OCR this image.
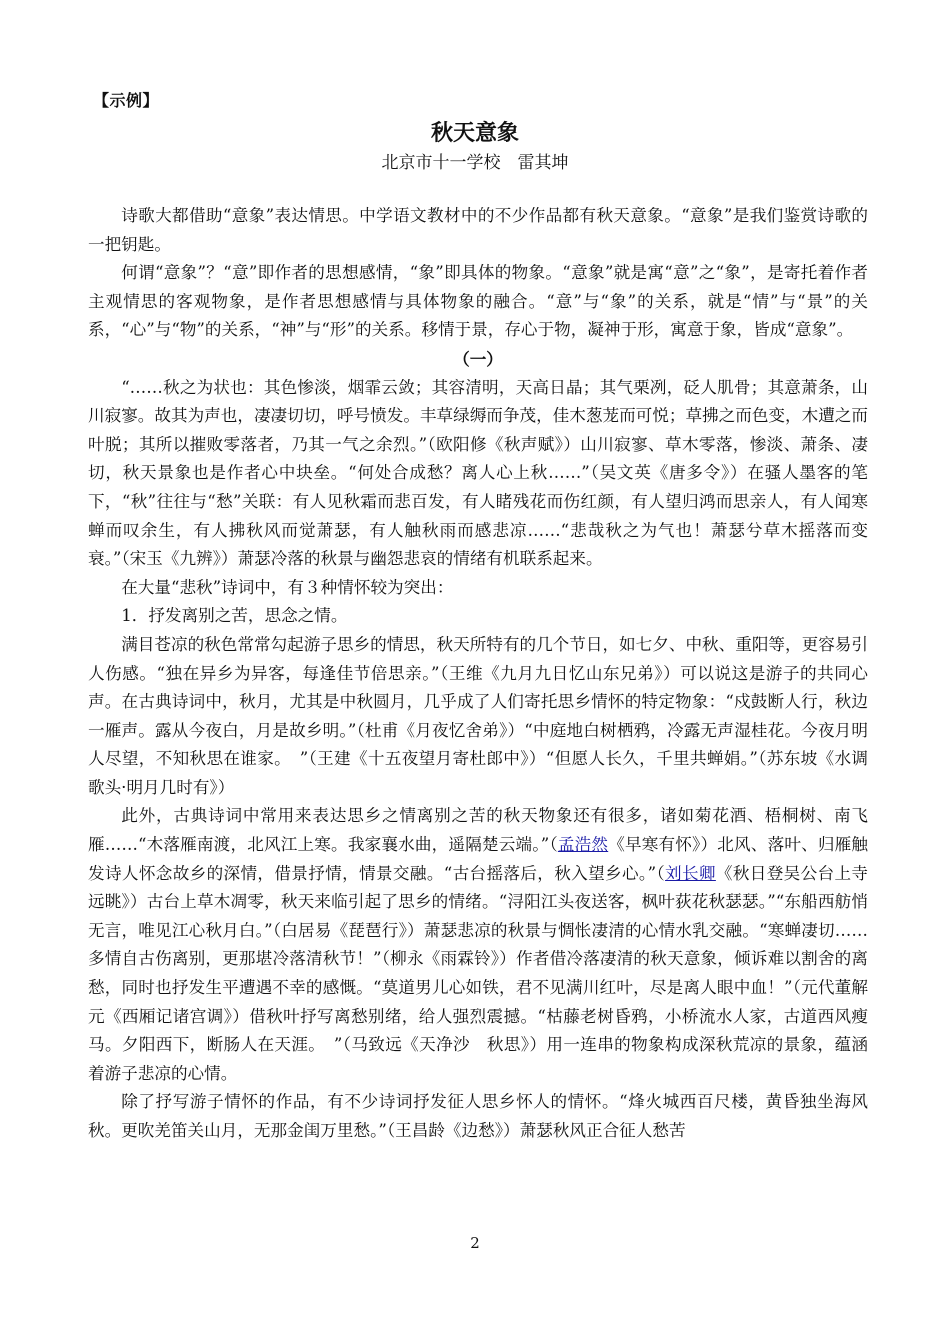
【示例】
秋天意象
北京市十一学校　雷其坤

诗歌大都借助“意象”表达情思。中学语文教材中的不少作品都有秋天意象。“意象”是我们鉴赏诗歌的一把钥匙。

何谓“意象”？“意”即作者的思想感情，“象”即具体的物象。“意象”就是寓“意”之“象”，是寄托着作者主观情思的客观物象，是作者思想感情与具体物象的融合。“意”与“象”的关系，就是“情”与“景”的关系，“心”与“物”的关系，“神”与“形”的关系。移情于景，存心于物，凝神于形，寓意于象，皆成“意象”。

（一）

“……秋之为状也：其色惨淡，烟霏云敛；其容清明，天高日晶；其气栗冽，砭人肌骨；其意萧条，山川寂寥。故其为声也，凄凄切切，呼号愤发。丰草绿缛而争茂，佳木葱茏而可悦；草拂之而色变，木遭之而叶脱；其所以摧败零落者，乃其一气之余烈。”（欧阳修《秋声赋》）山川寂寥、草木零落，惨淡、萧条、凄切，秋天景象也是作者心中块垒。“何处合成愁？离人心上秋……”（吴文英《唐多令》）在骚人墨客的笔下，“秋”往往与“愁”关联：有人见秋霜而悲百发，有人睹残花而伤红颜，有人望归鸿而思亲人，有人闻寒蝉而叹余生，有人拂秋风而觉萧瑟，有人触秋雨而感悲凉……“悲哉秋之为气也！萧瑟兮草木摇落而变衰。”（宋玉《九辨》）萧瑟冷落的秋景与幽怨悲哀的情绪有机联系起来。

在大量“悲秋”诗词中，有３种情怀较为突出：

1．抒发离别之苦，思念之情。

满目苍凉的秋色常常勾起游子思乡的情思，秋天所特有的几个节日，如七夕、中秋、重阳等，更容易引人伤感。“独在异乡为异客，每逢佳节倍思亲。”（王维《九月九日忆山东兄弟》）可以说这是游子的共同心声。在古典诗词中，秋月，尤其是中秋圆月，几乎成了人们寄托思乡情怀的特定物象：“戍鼓断人行，秋边一雁声。露从今夜白，月是故乡明。”（杜甫《月夜忆舍弟》）“中庭地白树栖鸦，冷露无声湿桂花。今夜月明人尽望，不知秋思在谁家。　”（王建《十五夜望月寄杜郎中》）“但愿人长久，千里共蝉娟。”（苏东坡《水调歌头·明月几时有》）

此外，古典诗词中常用来表达思乡之情离别之苦的秋天物象还有很多，诸如菊花酒、梧桐树、南飞雁……“木落雁南渡，北风江上寒。我家襄水曲，遥隔楚云端。”（孟浩然《早寒有怀》）北风、落叶、归雁触发诗人怀念故乡的深情，借景抒情，情景交融。“古台摇落后，秋入望乡心。”（刘长卿《秋日登吴公台上寺远眺》）古台上草木凋零，秋天来临引起了思乡的情绪。“浔阳江头夜送客，枫叶荻花秋瑟瑟。”“东船西舫悄无言，唯见江心秋月白。”（白居易《琵琶行》）萧瑟悲凉的秋景与惆怅凄清的心情水乳交融。“寒蝉凄切……多情自古伤离别，更那堪冷落清秋节！”（柳永《雨霖铃》）作者借冷落凄清的秋天意象，倾诉难以割舍的离愁，同时也抒发生平遭遇不幸的感慨。“莫道男儿心如铁，君不见满川红叶，尽是离人眼中血！”（元代董解元《西厢记诸宫调》）借秋叶抒写离愁别绪，给人强烈震撼。“枯藤老树昏鸦，小桥流水人家，古道西风瘦马。夕阳西下，断肠人在天涯。　”（马致远《天净沙　秋思》）用一连串的物象构成深秋荒凉的景象，蕴涵着游子悲凉的心情。

除了抒写游子情怀的作品，有不少诗词抒发征人思乡怀人的情怀。“烽火城西百尺楼，黄昏独坐海风秋。更吹羌笛关山月，无那金闺万里愁。”（王昌龄《边愁》）萧瑟秋风正合征人愁苦

2
